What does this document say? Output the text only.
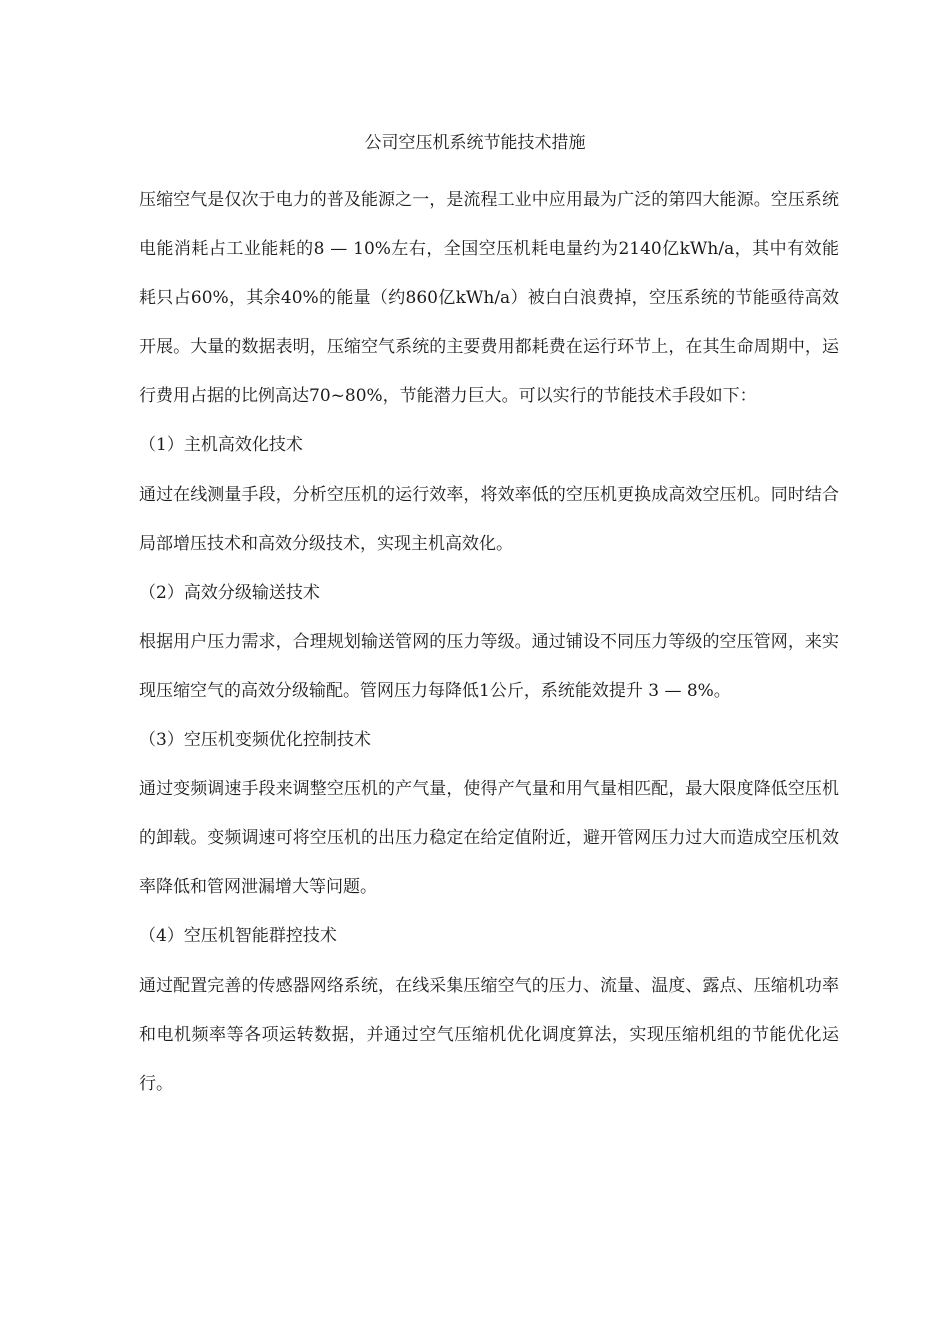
公司空压机系统节能技术措施

压缩空气是仅次于电力的普及能源之一，是流程工业中应用最为广泛的第四大能源。空压系统电能消耗占工业能耗的8 — 10%左右，全国空压机耗电量约为2140亿kWh/a，其中有效能耗只占60%，其余40%的能量（约860亿kWh/a）被白白浪费掉，空压系统的节能亟待高效开展。大量的数据表明，压缩空气系统的主要费用都耗费在运行环节上，在其生命周期中，运行费用占据的比例高达70~80%，节能潜力巨大。可以实行的节能技术手段如下：

（1）主机高效化技术

通过在线测量手段，分析空压机的运行效率，将效率低的空压机更换成高效空压机。同时结合局部增压技术和高效分级技术，实现主机高效化。

（2）高效分级输送技术

根据用户压力需求，合理规划输送管网的压力等级。通过铺设不同压力等级的空压管网，来实现压缩空气的高效分级输配。管网压力每降低1公斤，系统能效提升 3 — 8%。

（3）空压机变频优化控制技术

通过变频调速手段来调整空压机的产气量，使得产气量和用气量相匹配，最大限度降低空压机的卸载。变频调速可将空压机的出压力稳定在给定值附近，避开管网压力过大而造成空压机效率降低和管网泄漏增大等问题。

（4）空压机智能群控技术

通过配置完善的传感器网络系统，在线采集压缩空气的压力、流量、温度、露点、压缩机功率和电机频率等各项运转数据，并通过空气压缩机优化调度算法，实现压缩机组的节能优化运行。
